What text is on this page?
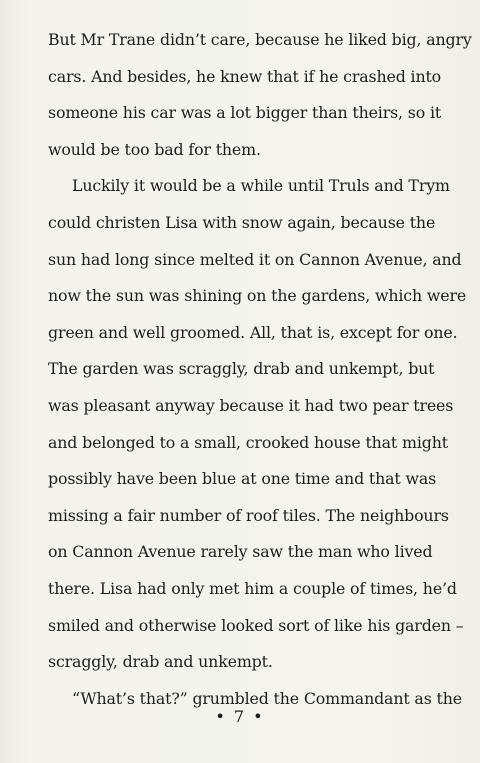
But Mr Trane didn’t care, because he liked big, angry
cars. And besides, he knew that if he crashed into
someone his car was a lot bigger than theirs, so it
would be too bad for them.
Luckily it would be a while until Truls and Trym
could christen Lisa with snow again, because the
sun had long since melted it on Cannon Avenue, and
now the sun was shining on the gardens, which were
green and well groomed. All, that is, except for one.
The garden was scraggly, drab and unkempt, but
was pleasant anyway because it had two pear trees
and belonged to a small, crooked house that might
possibly have been blue at one time and that was
missing a fair number of roof tiles. The neighbours
on Cannon Avenue rarely saw the man who lived
there. Lisa had only met him a couple of times, he’d
smiled and otherwise looked sort of like his garden –
scraggly, drab and unkempt.
“What’s that?” grumbled the Commandant as the
• 7 •
